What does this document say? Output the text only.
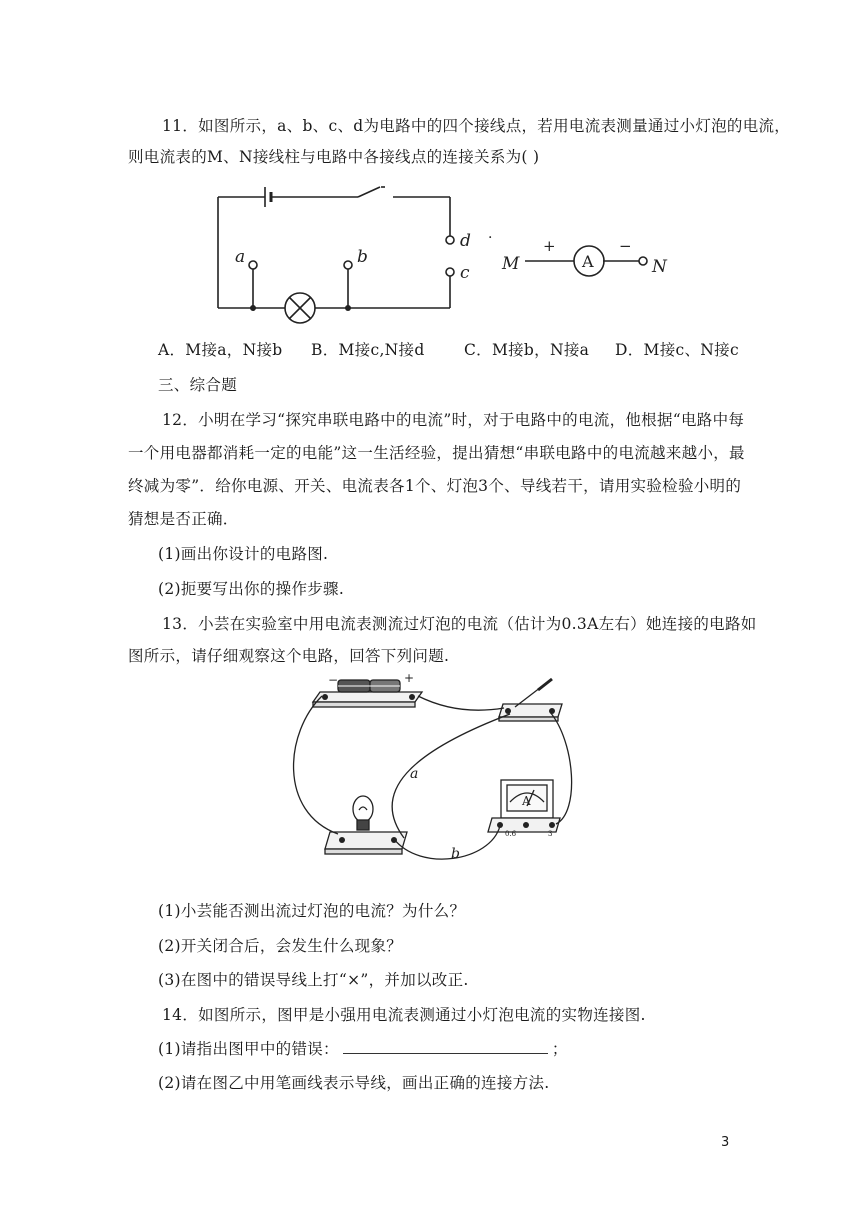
11．如图所示，a、b、c、d为电路中的四个接线点，若用电流表测量通过小灯泡的电流，
则电流表的M、N接线柱与电路中各接线点的连接关系为( )
a	b
d
c M	N
A
+	−
·
A．M接a，N接b B．M接c,N接d	C．M接b，N接a D．M接c、N接c
三、综合题
12．小明在学习“探究串联电路中的电流”时，对于电路中的电流，他根据“电路中每
一个用电器都消耗一定的电能”这一生活经验，提出猜想“串联电路中的电流越来越小，最
终减为零”．给你电源、开关、电流表各1个、灯泡3个、导线若干，请用实验检验小明的
猜想是否正确．
(1)画出你设计的电路图.
(2)扼要写出你的操作步骤.
13．小芸在实验室中用电流表测流过灯泡的电流（估计为0.3A左右）她连接的电路如
图所示，请仔细观察这个电路，回答下列问题.
a
b
A
−	+
0.6	3
(1)小芸能否测出流过灯泡的电流？为什么？
(2)开关闭合后，会发生什么现象？
(3)在图中的错误导线上打“×”，并加以改正.
14．如图所示，图甲是小强用电流表测通过小灯泡电流的实物连接图.
(1)请指出图甲中的错误：	；
(2)请在图乙中用笔画线表示导线，画出正确的连接方法.
3
